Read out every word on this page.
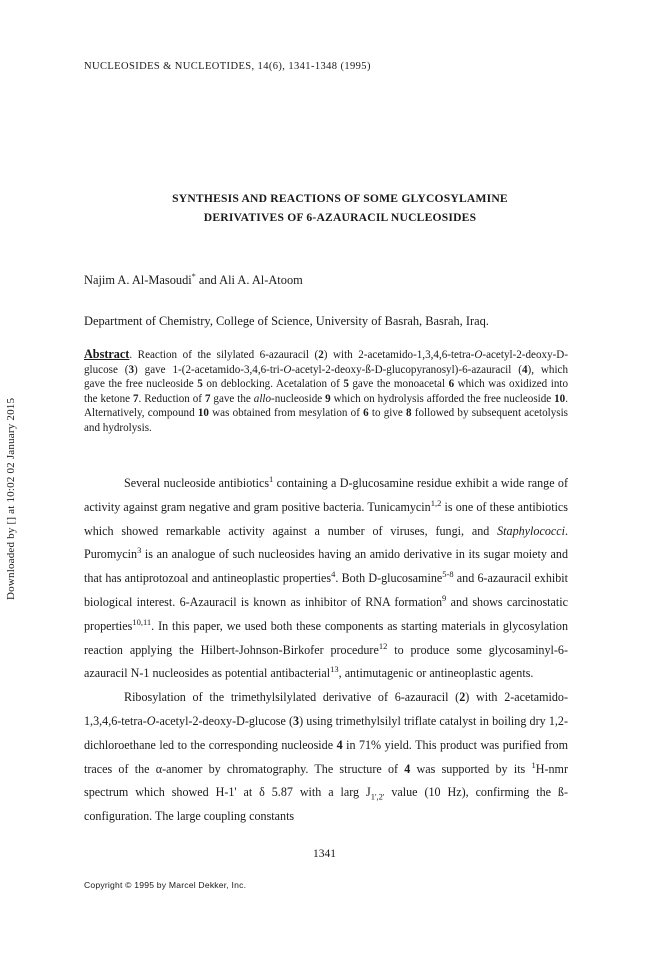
NUCLEOSIDES & NUCLEOTIDES, 14(6), 1341-1348 (1995)
SYNTHESIS AND REACTIONS OF SOME GLYCOSYLAMINE
DERIVATIVES OF 6-AZAURACIL NUCLEOSIDES
Najim A. Al-Masoudi* and Ali A. Al-Atoom
Department of Chemistry, College of Science, University of Basrah, Basrah, Iraq.
Abstract. Reaction of the silylated 6-azauracil (2) with 2-acetamido-1,3,4,6-tetra-O-acetyl-2-deoxy-D-glucose (3) gave 1-(2-acetamido-3,4,6-tri-O-acetyl-2-deoxy-ß-D-glucopyranosyl)-6-azauracil (4), which gave the free nucleoside 5 on deblocking. Acetalation of 5 gave the monoacetal 6 which was oxidized into the ketone 7. Reduction of 7 gave the allo-nucleoside 9 which on hydrolysis afforded the free nucleoside 10. Alternatively, compound 10 was obtained from mesylation of 6 to give 8 followed by subsequent acetolysis and hydrolysis.
Downloaded by [] at 10:02 02 January 2015	Several nucleoside antibiotics$^1$ containing a D-glucosamine residue exhibit a wide range of activity against gram negative and gram positive bacteria. Tunicamycin$^{1,2}$ is one of these antibiotics which showed remarkable activity against a number of viruses, fungi, and Staphylococci. Puromycin$^3$ is an analogue of such nucleosides having an amido derivative in its sugar moiety and that has antiprotozoal and antineoplastic properties$^4$. Both D-glucosamine$^{5-8}$ and 6-azauracil exhibit biological interest. 6-Azauracil is known as inhibitor of RNA formation$^9$ and shows carcinostatic properties$^{10,11}$. In this paper, we used both these components as starting materials in glycosylation reaction applying the Hilbert-Johnson-Birkofer procedure$^{12}$ to produce some glycosaminyl-6-azauracil N-1 nucleosides as potential antibacterial$^{13}$, antimutagenic or antineoplastic agents.

Ribosylation of the trimethylsilylated derivative of 6-azauracil (2) with 2-acetamido-1,3,4,6-tetra-O-acetyl-2-deoxy-D-glucose (3) using trimethylsilyl triflate catalyst in boiling dry 1,2-dichloroethane led to the corresponding nucleoside 4 in 71% yield. This product was purified from traces of the α-anomer by chromatography. The structure of 4 was supported by its $^1$H-nmr spectrum which showed H-1' at δ 5.87 with a larg $J_{1',2'}$ value (10 Hz), confirming the ß-configuration. The large coupling constants

1341
Copyright © 1995 by Marcel Dekker, Inc.
